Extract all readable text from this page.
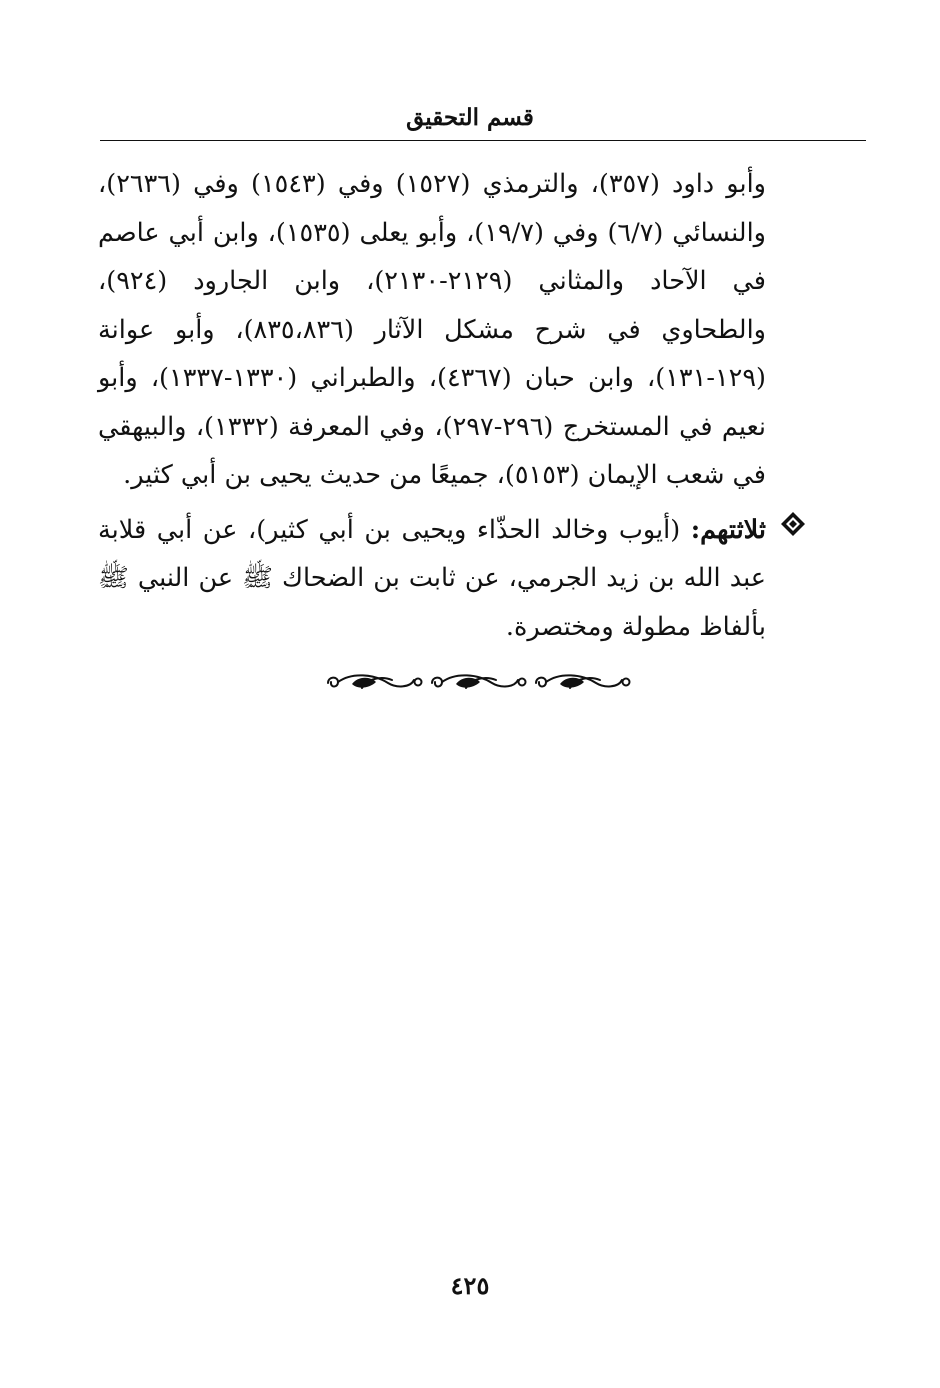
قسم التحقيق

وأبو داود (٣٥٧)، والترمذي (١٥٢٧) وفي (١٥٤٣) وفي (٢٦٣٦)، والنسائي (٦/٧) وفي (١٩/٧)، وأبو يعلى (١٥٣٥)، وابن أبي عاصم في الآحاد والمثاني (٢١٢٩-٢١٣٠)، وابن الجارود (٩٢٤)، والطحاوي في شرح مشكل الآثار (٨٣٥،٨٣٦)، وأبو عوانة (١٢٩-١٣١)، وابن حبان (٤٣٦٧)، والطبراني (١٣٣٠-١٣٣٧)، وأبو نعيم في المستخرج (٢٩٦-٢٩٧)، وفي المعرفة (١٣٣٢)، والبيهقي في شعب الإيمان (٥١٥٣)، جميعًا من حديث يحيى بن أبي كثير.

ثلاثتهم: (أيوب وخالد الحذّاء ويحيى بن أبي كثير)، عن أبي قلابة عبد الله بن زيد الجرمي، عن ثابت بن الضحاك ﷺ عن النبي ﷺ بألفاظ مطولة ومختصرة.

٤٢٥
